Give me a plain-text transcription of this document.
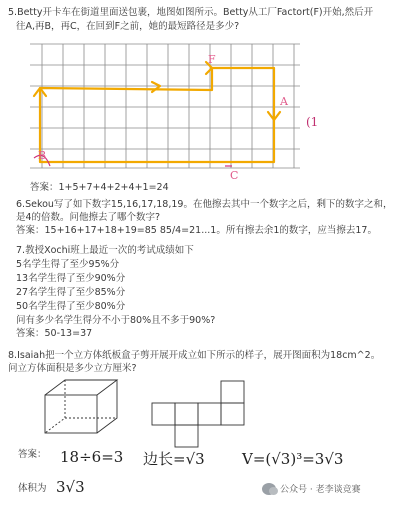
5.Betty开卡车在街道里面送包裹，地图如图所示。Betty从工厂Factort(F)开始,然后开
往A,再B，再C，在回到F之前，她的最短路径是多少?
F
A
B
C
(1
答案：1+5+7+4+2+4+1=24
6.Sekou写了如下数字15,16,17,18,19。在他擦去其中一个数字之后，剩下的数字之和，
是4的倍数。问他擦去了哪个数字?
答案：15+16+17+18+19=85 85/4=21...1。所有擦去余1的数字，应当擦去17。
7.教授Xochi班上最近一次的考试成绩如下
5名学生得了至少95%分
13名学生得了至少90%分
27名学生得了至少85%分
50名学生得了至少80%分
问有多少名学生得分不小于80%且不多于90%?
答案：50-13=37
8.Isaiah把一个立方体纸板盒子剪开展开成立如下所示的样子，展开图面积为18cm^2。
问立方体面积是多少立方厘米?
答案： 18÷6=3 边长=√3 V=(√3)³=3√3
体积为 3√3	公众号 · 老李谈竞赛
